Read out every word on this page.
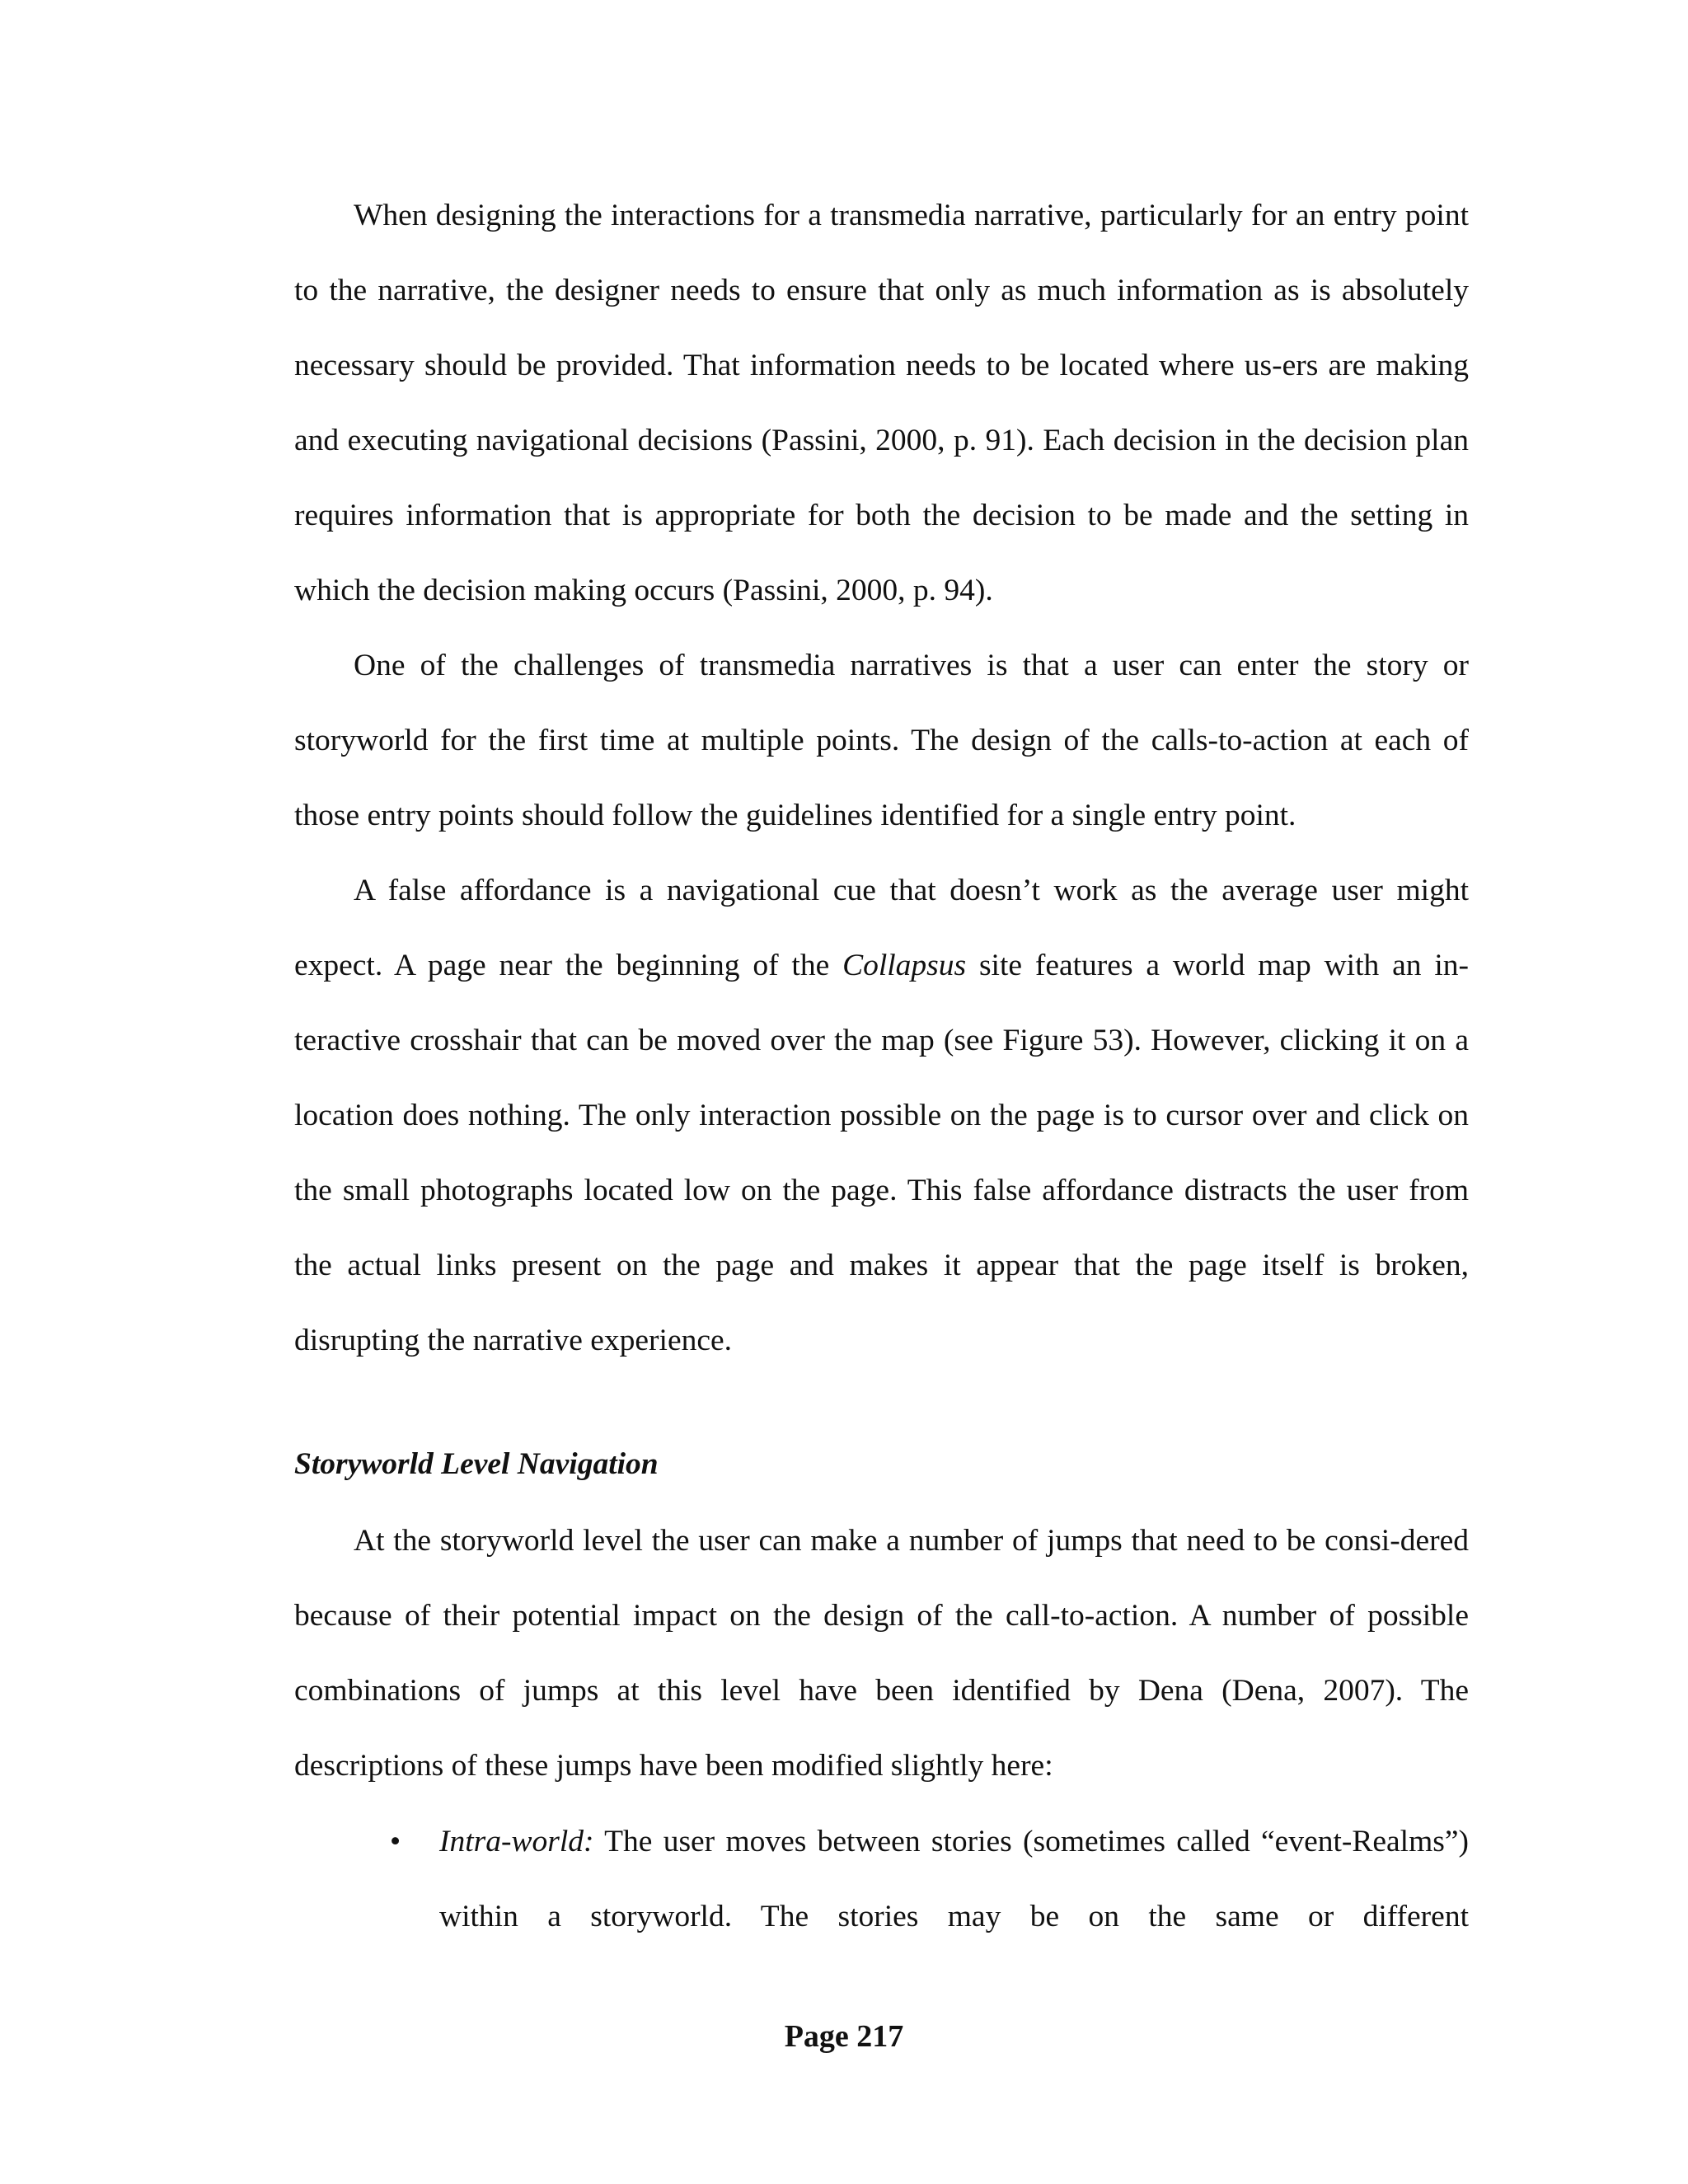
When designing the interactions for a transmedia narrative, particularly for an entry point to the narrative, the designer needs to ensure that only as much information as is absolutely necessary should be provided. That information needs to be located where us-ers are making and executing navigational decisions (Passini, 2000, p. 91). Each decision in the decision plan requires information that is appropriate for both the decision to be made and the setting in which the decision making occurs (Passini, 2000, p. 94).

One of the challenges of transmedia narratives is that a user can enter the story or storyworld for the first time at multiple points. The design of the calls-to-action at each of those entry points should follow the guidelines identified for a single entry point.

A false affordance is a navigational cue that doesn’t work as the average user might expect. A page near the beginning of the Collapsus site features a world map with an in-teractive crosshair that can be moved over the map (see Figure 53). However, clicking it on a location does nothing. The only interaction possible on the page is to cursor over and click on the small photographs located low on the page. This false affordance distracts the user from the actual links present on the page and makes it appear that the page itself is broken, disrupting the narrative experience.

Storyworld Level Navigation

At the storyworld level the user can make a number of jumps that need to be consi-dered because of their potential impact on the design of the call-to-action. A number of possible combinations of jumps at this level have been identified by Dena (Dena, 2007). The descriptions of these jumps have been modified slightly here:

• Intra-world: The user moves between stories (sometimes called “event-Realms”) within a storyworld. The stories may be on the same or different

Page 217
